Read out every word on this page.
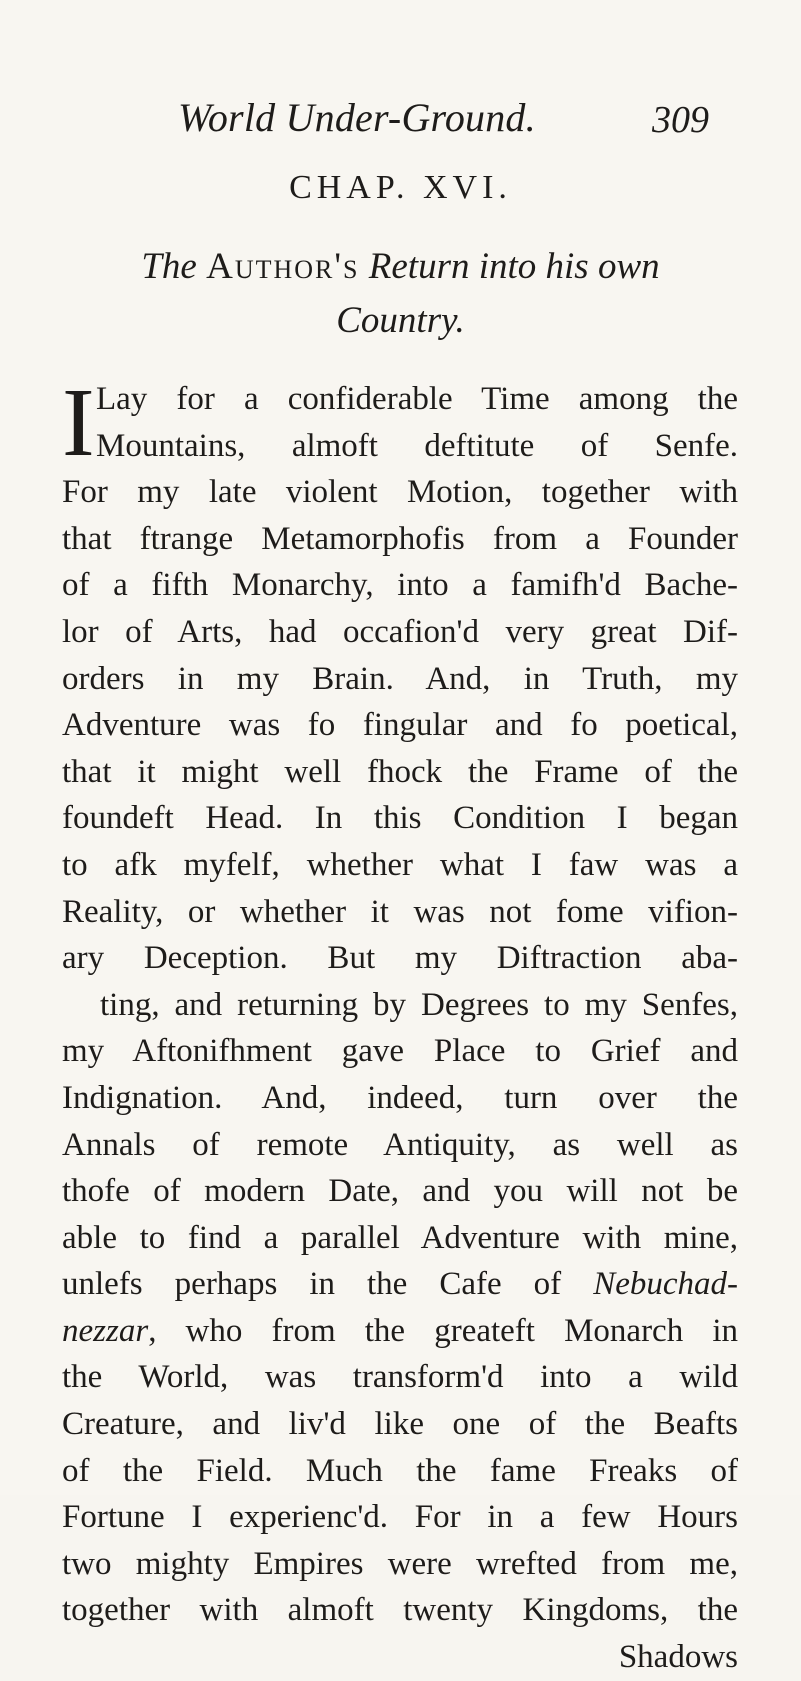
World Under-Ground.	309
CHAP. XVI.
The Author's Return into his own
Country.
I Lay for a confiderable Time among the
Mountains, almoft deftitute of Senfe.
For my late violent Motion, together with
that ftrange Metamorphofis from a Founder
of a fifth Monarchy, into a famifh'd Bache-
lor of Arts, had occafion'd very great Dif-
orders in my Brain. And, in Truth, my
Adventure was fo fingular and fo poetical,
that it might well fhock the Frame of the
foundeft Head. In this Condition I began
to afk myfelf, whether what I faw was a
Reality, or whether it was not fome vifion-
ary Deception. But my Diftraction aba-
ting, and returning by Degrees to my Senfes,
my Aftonifhment gave Place to Grief and
Indignation. And, indeed, turn over the
Annals of remote Antiquity, as well as
thofe of modern Date, and you will not be
able to find a parallel Adventure with mine,
unlefs perhaps in the Cafe of Nebuchad-
nezzar, who from the greateft Monarch in
the World, was transform'd into a wild
Creature, and liv'd like one of the Beafts
of the Field. Much the fame Freaks of
Fortune I experienc'd. For in a few Hours
two mighty Empires were wrefted from me,
together with almoft twenty Kingdoms, the
Shadows
